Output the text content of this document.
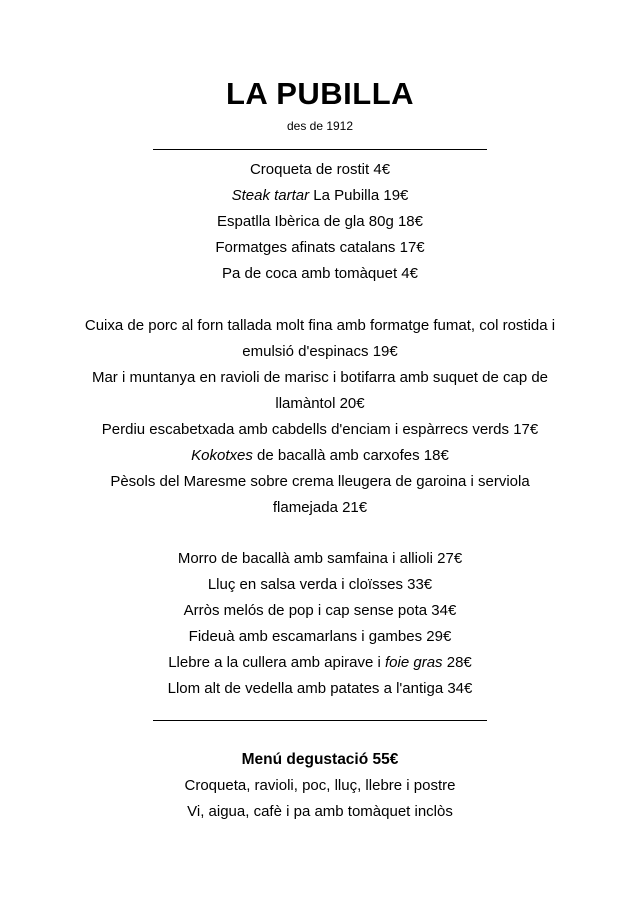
LA PUBILLA
des de 1912
Croqueta de rostit 4€
Steak tartar La Pubilla 19€
Espatlla Ibèrica de gla 80g 18€
Formatges afinats catalans 17€
Pa de coca amb tomàquet 4€
Cuixa de porc al forn tallada molt fina amb formatge fumat, col rostida i
emulsió d'espinacs 19€
Mar i muntanya en ravioli de marisc i botifarra amb suquet de cap de
llamàntol 20€
Perdiu escabetxada amb cabdells d'enciam i espàrrecs verds 17€
Kokotxes de bacallà amb carxofes 18€
Pèsols del Maresme sobre crema lleugera de garoina i serviola
flamejada 21€
Morro de bacallà amb samfaina i allioli 27€
Lluç en salsa verda i cloïsses 33€
Arròs melós de pop i cap sense pota 34€
Fideuà amb escamarlans i gambes 29€
Llebre a la cullera amb apirave i foie gras 28€
Llom alt de vedella amb patates a l'antiga 34€
Menú degustació 55€
Croqueta, ravioli, poc, lluç, llebre i postre
Vi, aigua, cafè i pa amb tomàquet inclòs
